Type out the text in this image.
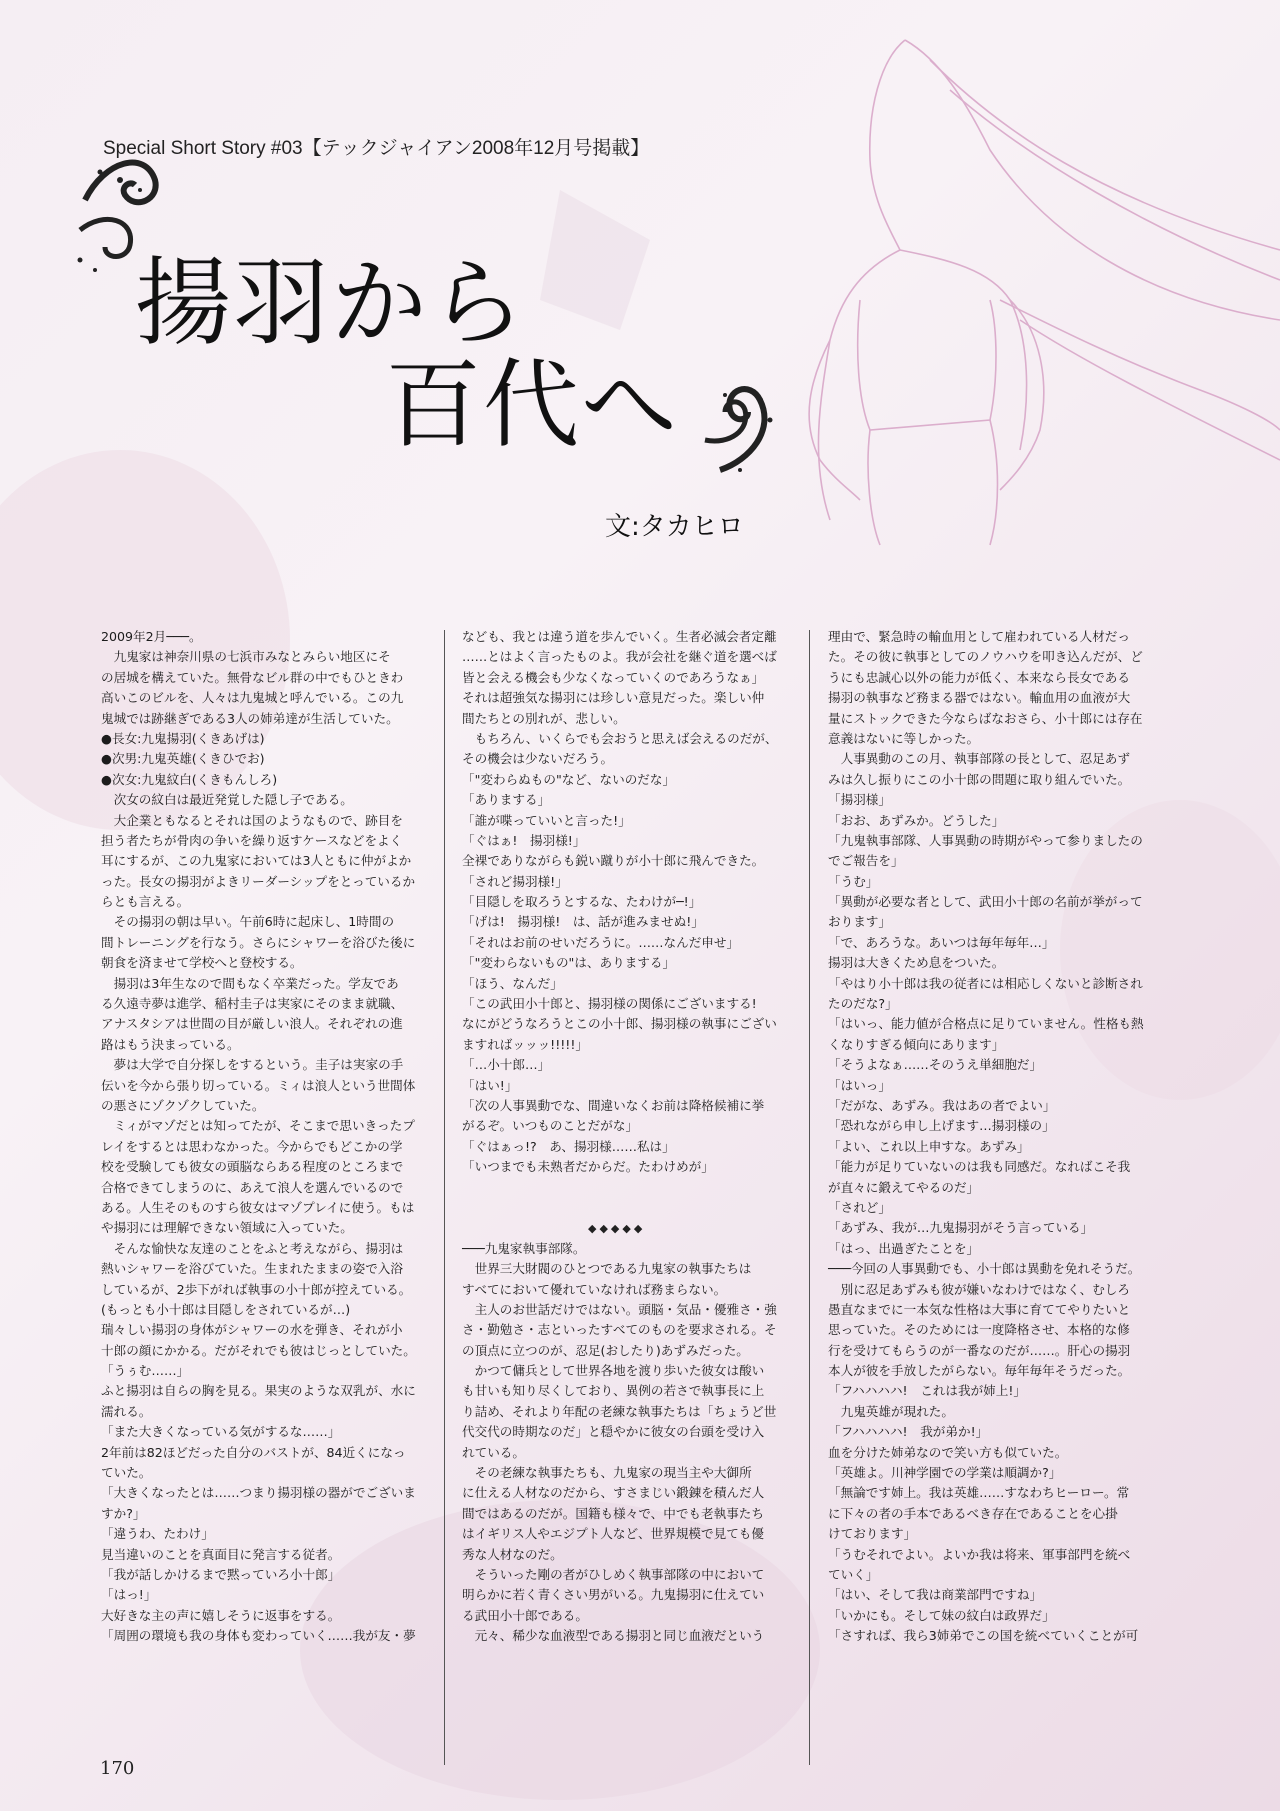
Special Short Story #03【テックジャイアン2008年12月号掲載】
揚羽から
百代へ
文:タカヒロ
2009年2月───。
　九鬼家は神奈川県の七浜市みなとみらい地区にそ
の居城を構えていた。無骨なビル群の中でもひときわ
高いこのビルを、人々は九鬼城と呼んでいる。この九
鬼城では跡継ぎである3人の姉弟達が生活していた。
●長女:九鬼揚羽(くきあげは)
●次男:九鬼英雄(くきひでお)
●次女:九鬼紋白(くきもんしろ)
　次女の紋白は最近発覚した隠し子である。
　大企業ともなるとそれは国のようなもので、跡目を
担う者たちが骨肉の争いを繰り返すケースなどをよく
耳にするが、この九鬼家においては3人ともに仲がよか
った。長女の揚羽がよきリーダーシップをとっているか
らとも言える。
　その揚羽の朝は早い。午前6時に起床し、1時間の
間トレーニングを行なう。さらにシャワーを浴びた後に
朝食を済ませて学校へと登校する。
　揚羽は3年生なので間もなく卒業だった。学友であ
る久遠寺夢は進学、稲村圭子は実家にそのまま就職、
アナスタシアは世間の目が厳しい浪人。それぞれの進
路はもう決まっている。
　夢は大学で自分探しをするという。圭子は実家の手
伝いを今から張り切っている。ミィは浪人という世間体
の悪さにゾクゾクしていた。
　ミィがマゾだとは知ってたが、そこまで思いきったプ
レイをするとは思わなかった。今からでもどこかの学
校を受験しても彼女の頭脳ならある程度のところまで
合格できてしまうのに、あえて浪人を選んでいるので
ある。人生そのものすら彼女はマゾプレイに使う。もは
や揚羽には理解できない領域に入っていた。
　そんな愉快な友達のことをふと考えながら、揚羽は
熱いシャワーを浴びていた。生まれたままの姿で入浴
しているが、2歩下がれば執事の小十郎が控えている。
(もっとも小十郎は目隠しをされているが…)
瑞々しい揚羽の身体がシャワーの水を弾き、それが小
十郎の顔にかかる。だがそれでも彼はじっとしていた。
「うぅむ……」
ふと揚羽は自らの胸を見る。果実のような双乳が、水に
濡れる。
「また大きくなっている気がするな……」
2年前は82ほどだった自分のバストが、84近くになっ
ていた。
「大きくなったとは……つまり揚羽様の器がでございま
すか?」
「違うわ、たわけ」
見当違いのことを真面目に発言する従者。
「我が話しかけるまで黙っていろ小十郎」
「はっ!」
大好きな主の声に嬉しそうに返事をする。
「周囲の環境も我の身体も変わっていく……我が友・夢
なども、我とは違う道を歩んでいく。生者必滅会者定離
……とはよく言ったものよ。我が会社を継ぐ道を選べば
皆と会える機会も少なくなっていくのであろうなぁ」
それは超強気な揚羽には珍しい意見だった。楽しい仲
間たちとの別れが、悲しい。
　もちろん、いくらでも会おうと思えば会えるのだが、
その機会は少ないだろう。
「"変わらぬもの"など、ないのだな」
「ありまする」
「誰が喋っていいと言った!」
「ぐはぁ!　揚羽様!」
全裸でありながらも鋭い蹴りが小十郎に飛んできた。
「されど揚羽様!」
「目隠しを取ろうとするな、たわけが─!」
「げは!　揚羽様!　は、話が進みませぬ!」
「それはお前のせいだろうに。……なんだ申せ」
「"変わらないもの"は、ありまする」
「ほう、なんだ」
「この武田小十郎と、揚羽様の関係にございまする!
なにがどうなろうとこの小十郎、揚羽様の執事にござい
ますればッッッ!!!!!」
「…小十郎…」
「はい!」
「次の人事異動でな、間違いなくお前は降格候補に挙
がるぞ。いつものことだがな」
「ぐはぁっ!?　あ、揚羽様……私は」
「いつまでも未熟者だからだ。たわけめが」
───九鬼家執事部隊。
　世界三大財閥のひとつである九鬼家の執事たちは
すべてにおいて優れていなければ務まらない。
　主人のお世話だけではない。頭脳・気品・優雅さ・強
さ・勤勉さ・志といったすべてのものを要求される。そ
の頂点に立つのが、忍足(おしたり)あずみだった。
　かつて傭兵として世界各地を渡り歩いた彼女は酸い
も甘いも知り尽くしており、異例の若さで執事長に上
り詰め、それより年配の老練な執事たちは「ちょうど世
代交代の時期なのだ」と穏やかに彼女の台頭を受け入
れている。
　その老練な執事たちも、九鬼家の現当主や大御所
に仕える人材なのだから、すさまじい鍛錬を積んだ人
間ではあるのだが。国籍も様々で、中でも老執事たち
はイギリス人やエジプト人など、世界規模で見ても優
秀な人材なのだ。
　そういった剛の者がひしめく執事部隊の中において
明らかに若く青くさい男がいる。九鬼揚羽に仕えてい
る武田小十郎である。
　元々、稀少な血液型である揚羽と同じ血液だという
理由で、緊急時の輸血用として雇われている人材だっ
た。その彼に執事としてのノウハウを叩き込んだが、ど
うにも忠誠心以外の能力が低く、本来なら長女である
揚羽の執事など務まる器ではない。輸血用の血液が大
量にストックできた今ならばなおさら、小十郎には存在
意義はないに等しかった。
　人事異動のこの月、執事部隊の長として、忍足あず
みは久し振りにこの小十郎の問題に取り組んでいた。
「揚羽様」
「おお、あずみか。どうした」
「九鬼執事部隊、人事異動の時期がやって参りましたの
でご報告を」
「うむ」
「異動が必要な者として、武田小十郎の名前が挙がって
おります」
「で、あろうな。あいつは毎年毎年…」
揚羽は大きくため息をついた。
「やはり小十郎は我の従者には相応しくないと診断され
たのだな?」
「はいっ、能力値が合格点に足りていません。性格も熱
くなりすぎる傾向にあります」
「そうよなぁ……そのうえ単細胞だ」
「はいっ」
「だがな、あずみ。我はあの者でよい」
「恐れながら申し上げます…揚羽様の」
「よい、これ以上申すな。あずみ」
「能力が足りていないのは我も同感だ。なればこそ我
が直々に鍛えてやるのだ」
「されど」
「あずみ、我が…九鬼揚羽がそう言っている」
「はっ、出過ぎたことを」
───今回の人事異動でも、小十郎は異動を免れそうだ。
　別に忍足あずみも彼が嫌いなわけではなく、むしろ
愚直なまでに一本気な性格は大事に育ててやりたいと
思っていた。そのためには一度降格させ、本格的な修
行を受けてもらうのが一番なのだが……。肝心の揚羽
本人が彼を手放したがらない。毎年毎年そうだった。
「フハハハハ!　これは我が姉上!」
　九鬼英雄が現れた。
「フハハハハ!　我が弟か!」
血を分けた姉弟なので笑い方も似ていた。
「英雄よ。川神学園での学業は順調か?」
「無論です姉上。我は英雄……すなわちヒーロー。常
に下々の者の手本であるべき存在であることを心掛
けております」
「うむそれでよい。よいか我は将来、軍事部門を統べ
ていく」
「はい、そして我は商業部門ですね」
「いかにも。そして妹の紋白は政界だ」
「さすれば、我ら3姉弟でこの国を統べていくことが可
◆◆◆◆◆
170
